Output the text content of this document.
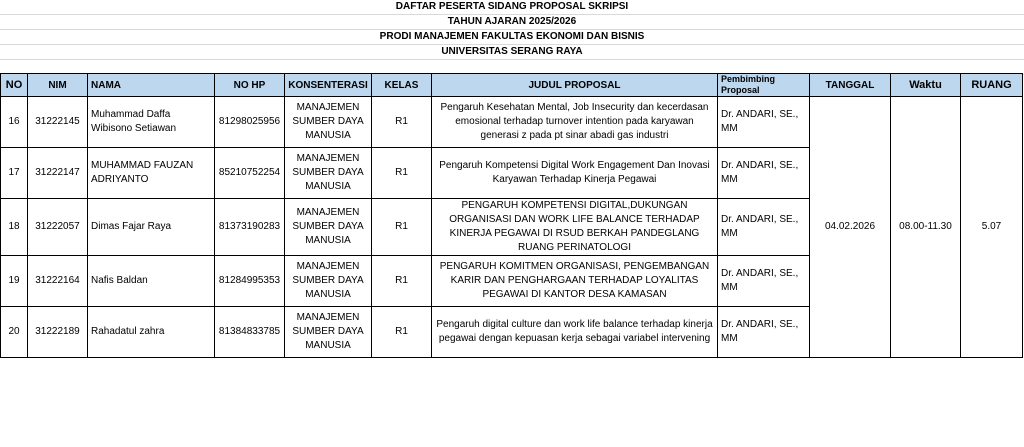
DAFTAR PESERTA SIDANG PROPOSAL SKRIPSI
TAHUN AJARAN 2025/2026
PRODI MANAJEMEN FAKULTAS EKONOMI DAN BISNIS
UNIVERSITAS SERANG RAYA
NO	NIM	NAMA	NO HP	KONSENTERASI	KELAS	JUDUL PROPOSAL	Pembimbing Proposal	TANGGAL	Waktu	RUANG
16	31222145	Muhammad Daffa Wibisono Setiawan	81298025956	MANAJEMEN SUMBER DAYA MANUSIA	R1	Pengaruh Kesehatan Mental, Job Insecurity dan kecerdasan emosional terhadap turnover intention pada karyawan generasi z pada pt sinar abadi gas industri	Dr. ANDARI, SE., MM	04.02.2026	08.00-11.30	5.07
17	31222147	MUHAMMAD FAUZAN ADRIYANTO	85210752254	MANAJEMEN SUMBER DAYA MANUSIA	R1	Pengaruh Kompetensi Digital Work Engagement Dan Inovasi Karyawan Terhadap Kinerja Pegawai	Dr. ANDARI, SE., MM			
18	31222057	Dimas Fajar Raya	81373190283	MANAJEMEN SUMBER DAYA MANUSIA	R1	PENGARUH KOMPETENSI DIGITAL,DUKUNGAN ORGANISASI DAN WORK LIFE BALANCE TERHADAP KINERJA PEGAWAI DI RSUD BERKAH PANDEGLANG RUANG PERINATOLOGI	Dr. ANDARI, SE., MM			
19	31222164	Nafis Baldan	81284995353	MANAJEMEN SUMBER DAYA MANUSIA	R1	PENGARUH KOMITMEN ORGANISASI, PENGEMBANGAN KARIR DAN PENGHARGAAN TERHADAP LOYALITAS PEGAWAI DI KANTOR DESA KAMASAN	Dr. ANDARI, SE., MM			
20	31222189	Rahadatul zahra	81384833785	MANAJEMEN SUMBER DAYA MANUSIA	R1	Pengaruh digital culture dan work life balance terhadap kinerja pegawai dengan kepuasan kerja sebagai variabel intervening	Dr. ANDARI, SE., MM			
